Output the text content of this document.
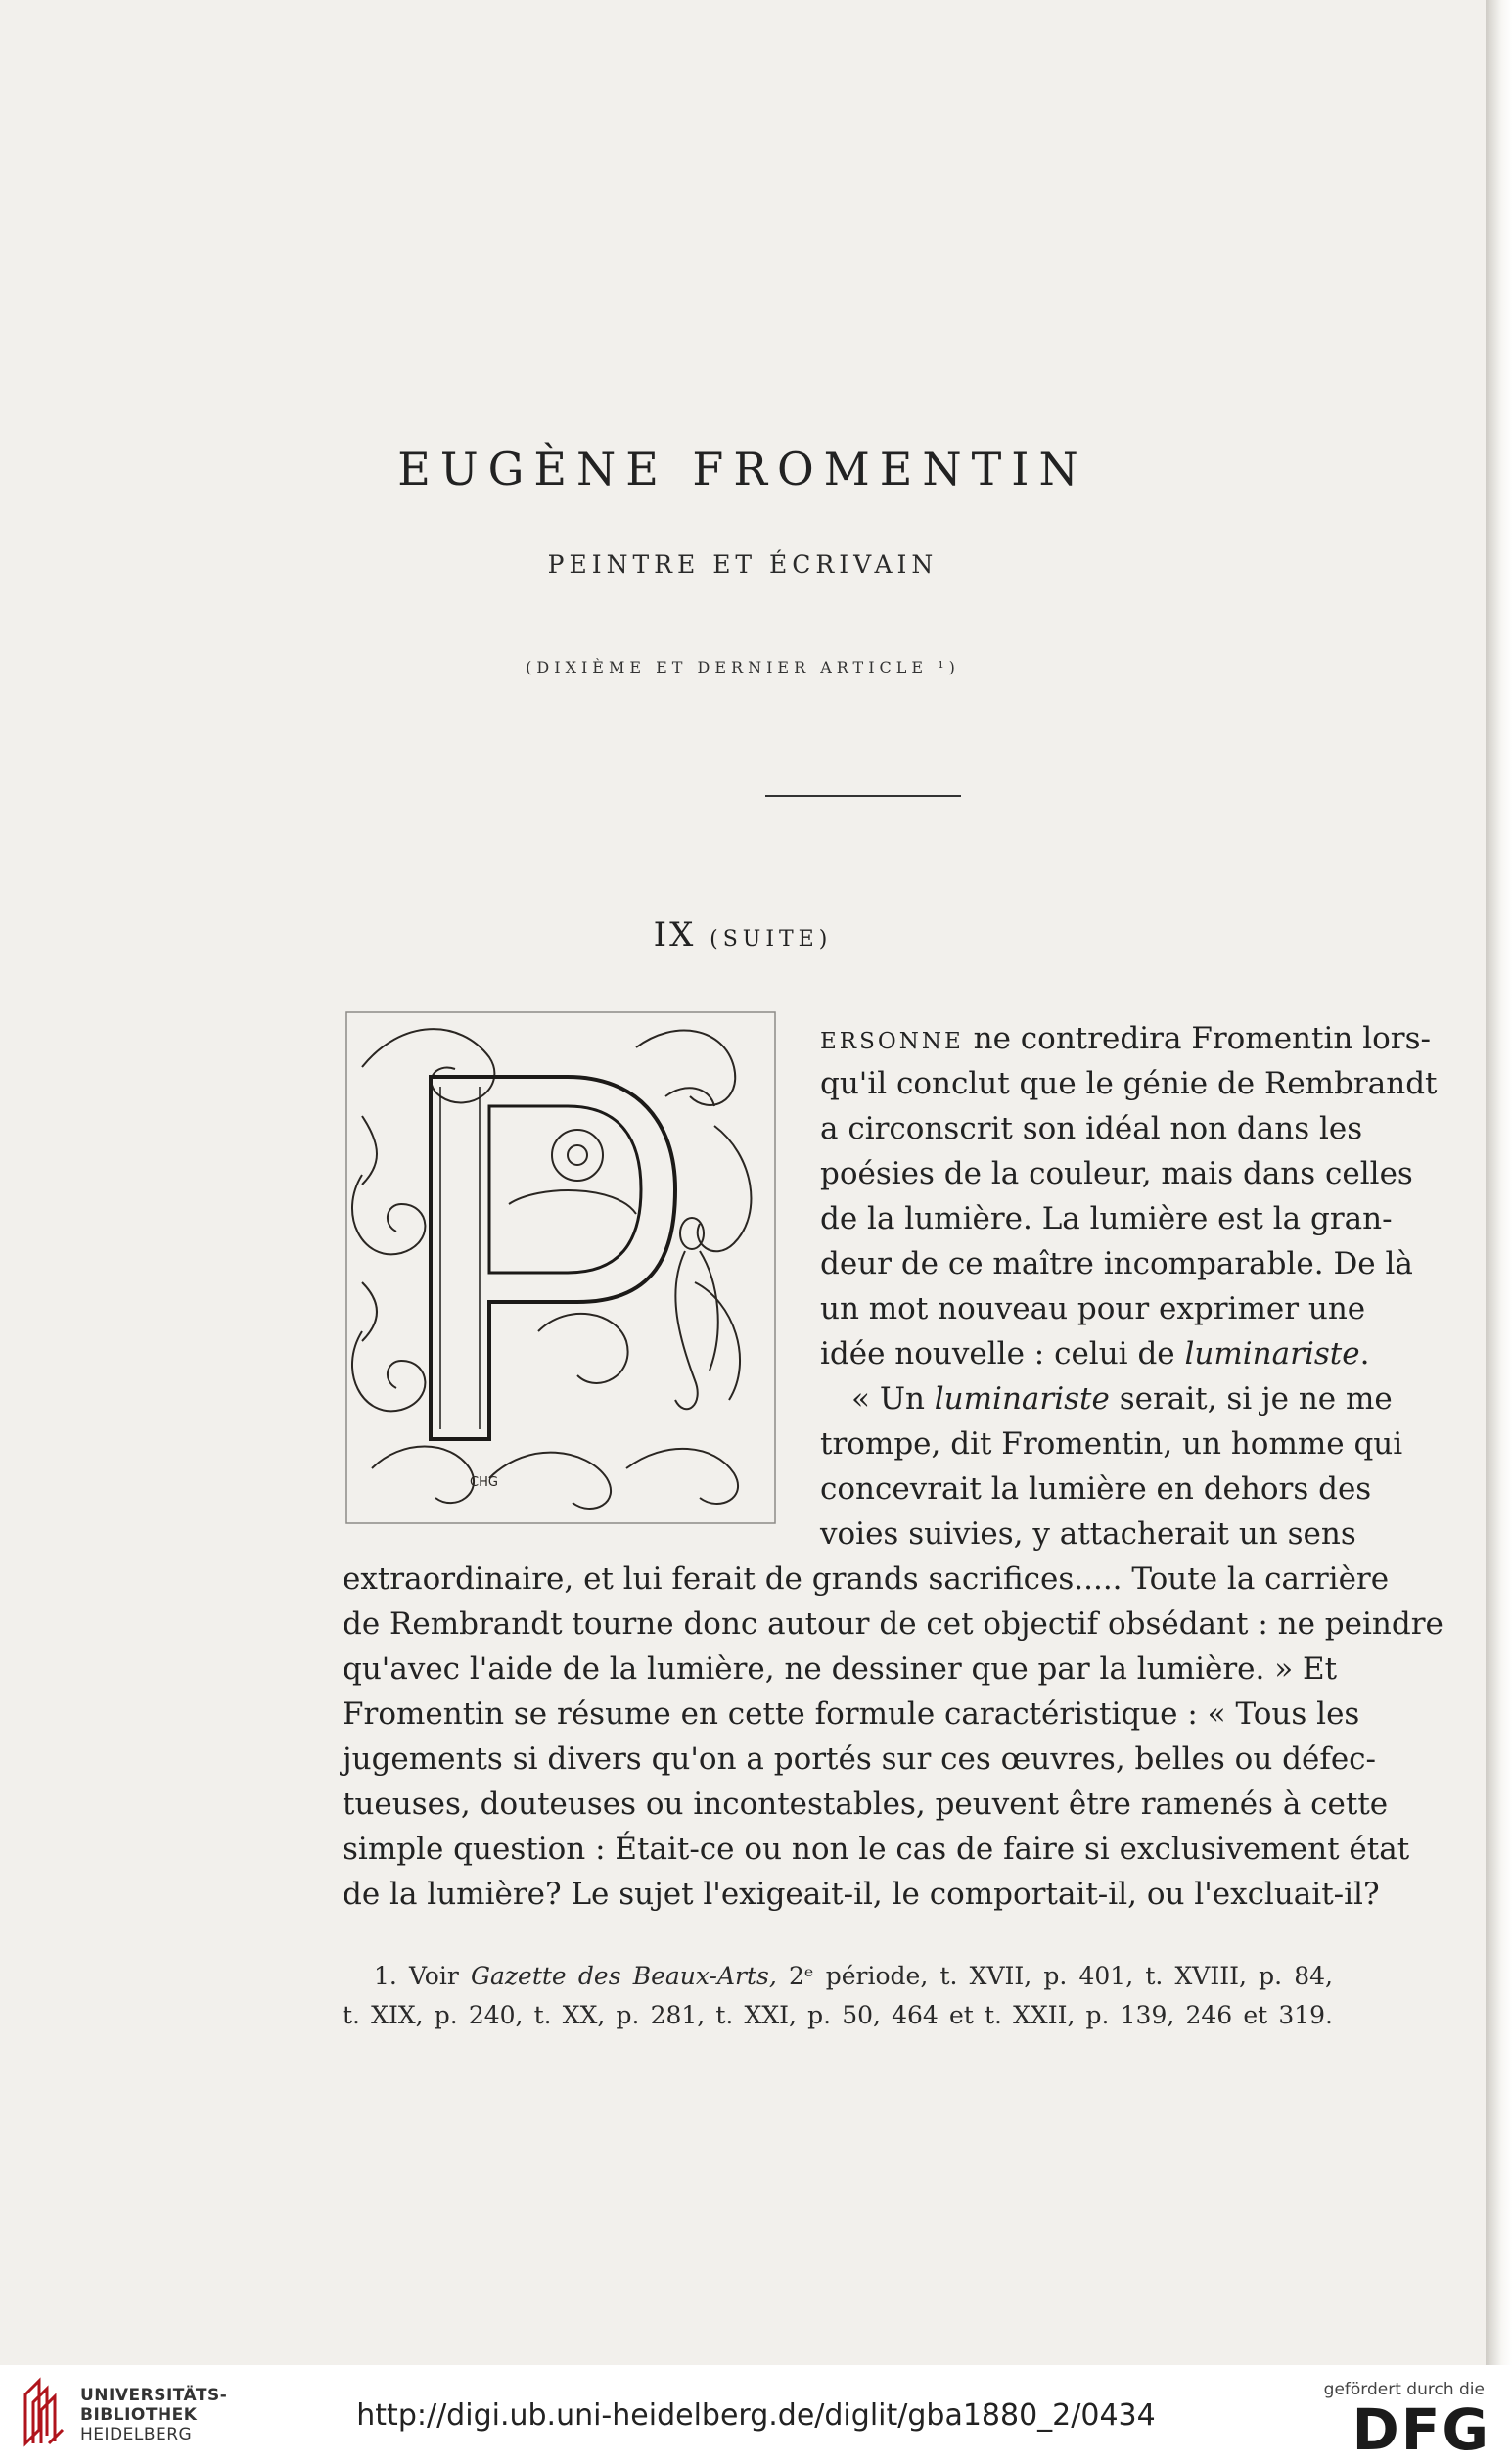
EUGÈNE FROMENTIN
PEINTRE ET ÉCRIVAIN
(DIXIÈME ET DERNIER ARTICLE ¹)
IX (SUITE)
CHG
ERSONNE ne contredira Fromentin lors-
qu'il conclut que le génie de Rembrandt
a circonscrit son idéal non dans les
poésies de la couleur, mais dans celles
de la lumière. La lumière est la gran-
deur de ce maître incomparable. De là
un mot nouveau pour exprimer une
idée nouvelle : celui de luminariste.
« Un luminariste serait, si je ne me
trompe, dit Fromentin, un homme qui
concevrait la lumière en dehors des
voies suivies, y attacherait un sens
extraordinaire, et lui ferait de grands sacrifices..... Toute la carrière
de Rembrandt tourne donc autour de cet objectif obsédant : ne peindre
qu'avec l'aide de la lumière, ne dessiner que par la lumière. » Et
Fromentin se résume en cette formule caractéristique : « Tous les
jugements si divers qu'on a portés sur ces œuvres, belles ou défec-
tueuses, douteuses ou incontestables, peuvent être ramenés à cette
simple question : Était-ce ou non le cas de faire si exclusivement état
de la lumière? Le sujet l'exigeait-il, le comportait-il, ou l'excluait-il?
1. Voir Gazette des Beaux-Arts, 2ᵉ période, t. XVII, p. 401, t. XVIII, p. 84,
t. XIX, p. 240, t. XX, p. 281, t. XXI, p. 50, 464 et t. XXII, p. 139, 246 et 319.
UNIVERSITÄTS-
BIBLIOTHEK
HEIDELBERG
http://digi.ub.uni-heidelberg.de/diglit/gba1880_2/0434
gefördert durch die
DFG
